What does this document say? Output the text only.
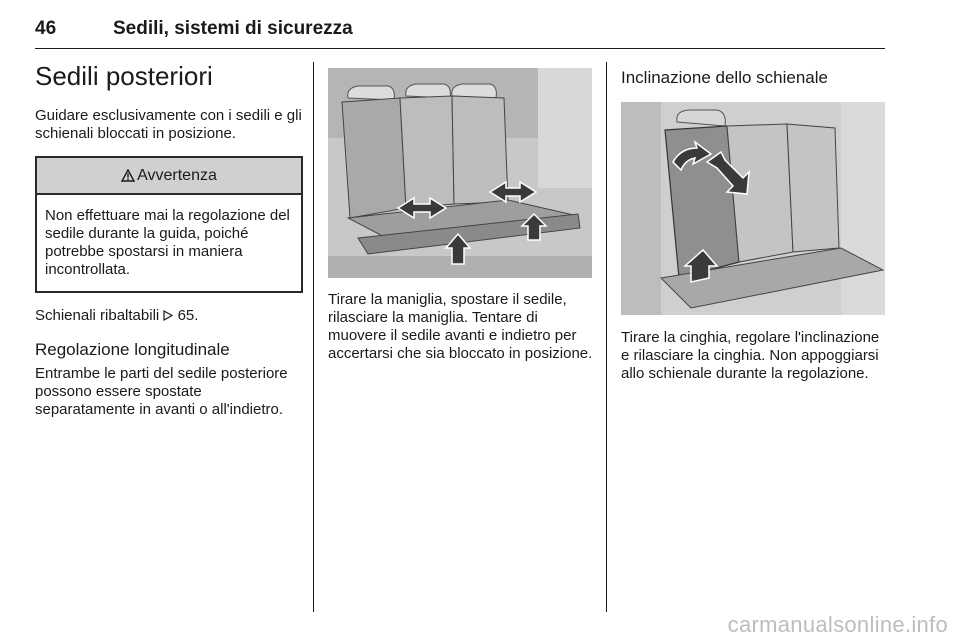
46	Sedili, sistemi di sicurezza
Sedili posteriori

Guidare esclusivamente con i sedili e gli schienali bloccati in posizione.

Avvertenza
Non effettuare mai la regolazione del sedile durante la guida, poiché potrebbe spostarsi in maniera incontrollata.

Schienali ribaltabili  65.

Regolazione longitudinale

Entrambe le parti del sedile posteriore possono essere spostate separatamente in avanti o all'indietro.

Tirare la maniglia, spostare il sedile, rilasciare la maniglia. Tentare di muovere il sedile avanti e indietro per accertarsi che sia bloccato in posizione.

Inclinazione dello schienale

Tirare la cinghia, regolare l'inclinazione e rilasciare la cinghia. Non appoggiarsi allo schienale durante la regolazione.

carmanualsonline.info
